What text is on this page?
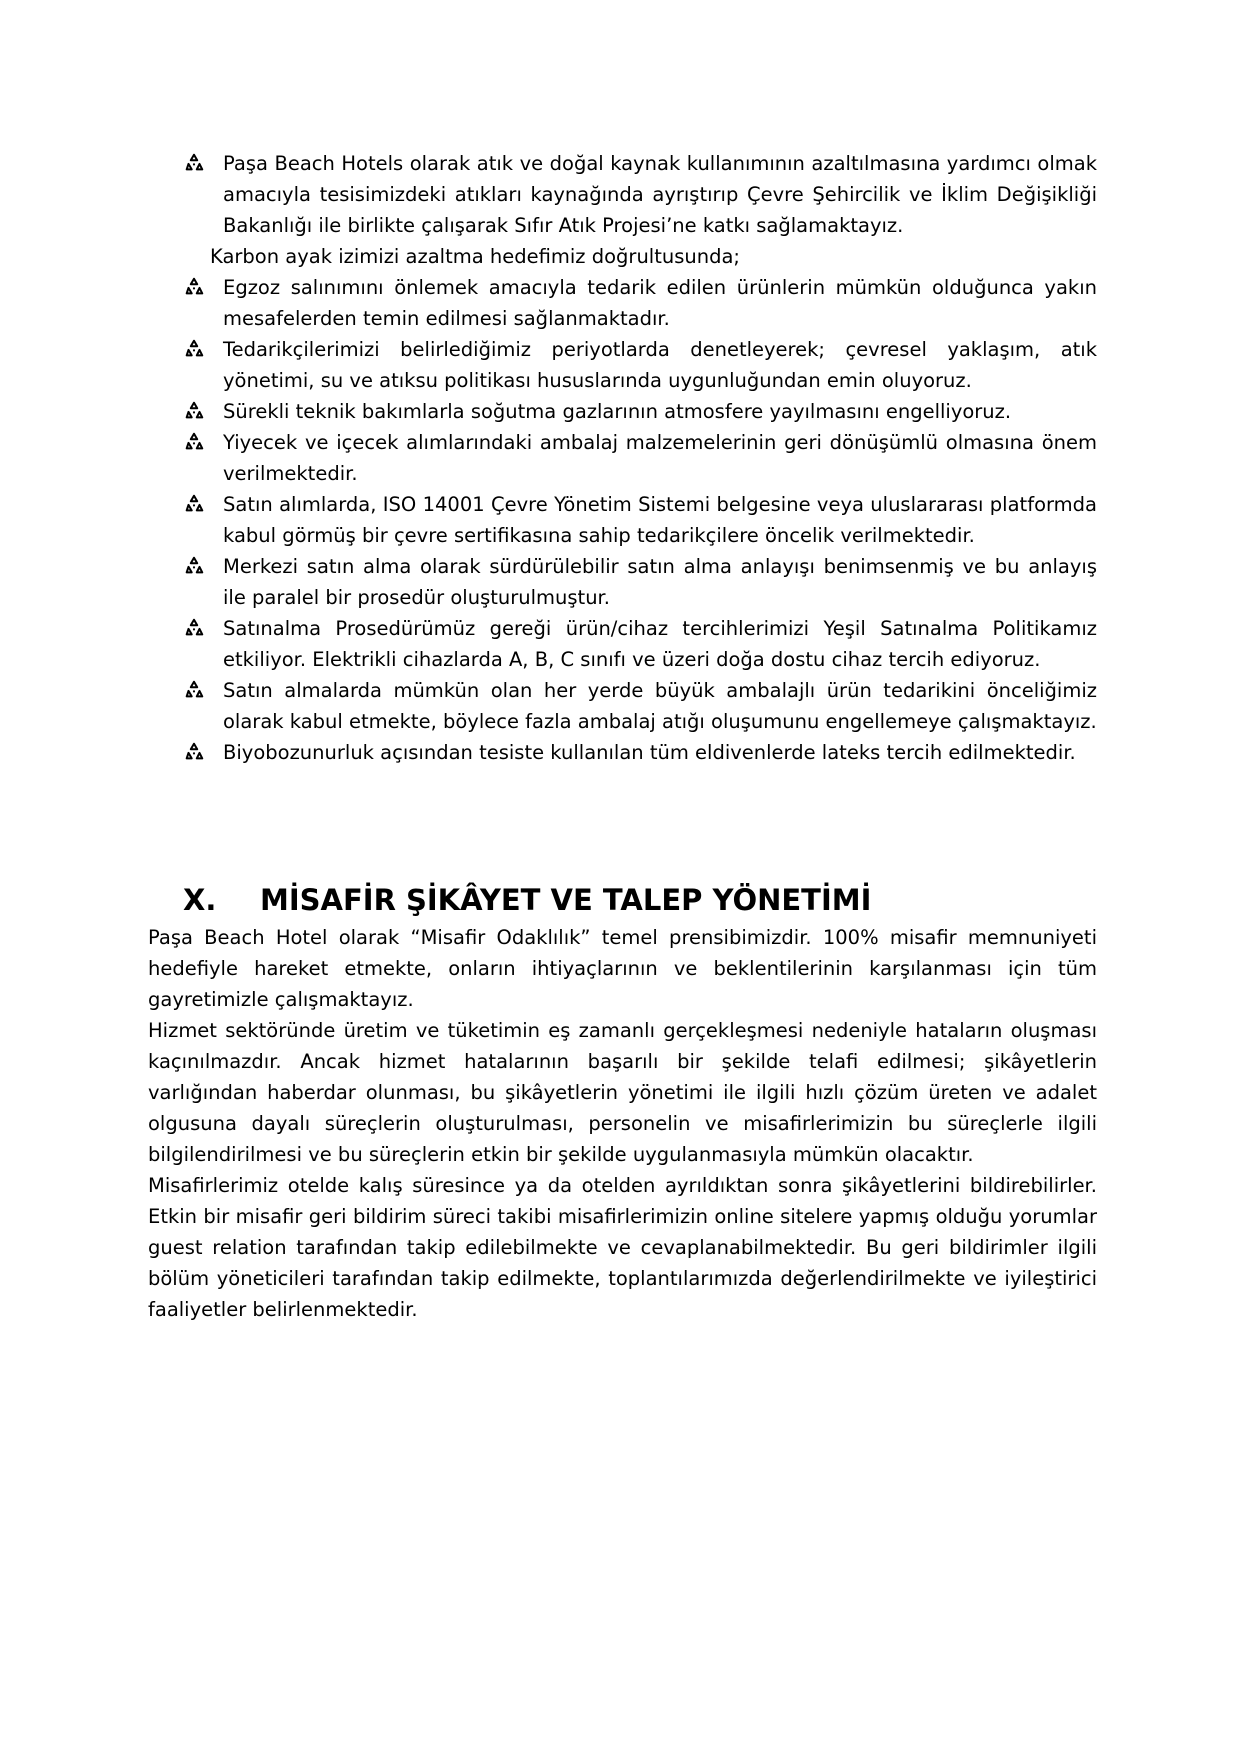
Paşa Beach Hotels olarak atık ve doğal kaynak kullanımının azaltılmasına yardımcı olmak amacıyla tesisimizdeki atıkları kaynağında ayrıştırıp Çevre Şehircilik ve İklim Değişikliği Bakanlığı ile birlikte çalışarak Sıfır Atık Projesi’ne katkı sağlamaktayız.
Karbon ayak izimizi azaltma hedefimiz doğrultusunda;
Egzoz salınımını önlemek amacıyla tedarik edilen ürünlerin mümkün olduğunca yakın mesafelerden temin edilmesi sağlanmaktadır.
Tedarikçilerimizi belirlediğimiz periyotlarda denetleyerek; çevresel yaklaşım, atık yönetimi, su ve atıksu politikası hususlarında uygunluğundan emin oluyoruz.
Sürekli teknik bakımlarla soğutma gazlarının atmosfere yayılmasını engelliyoruz.
Yiyecek ve içecek alımlarındaki ambalaj malzemelerinin geri dönüşümlü olmasına önem verilmektedir.
Satın alımlarda, ISO 14001 Çevre Yönetim Sistemi belgesine veya uluslararası platformda kabul görmüş bir çevre sertifikasına sahip tedarikçilere öncelik verilmektedir.
Merkezi satın alma olarak sürdürülebilir satın alma anlayışı benimsenmiş ve bu anlayış ile paralel bir prosedür oluşturulmuştur.
Satınalma Prosedürümüz gereği ürün/cihaz tercihlerimizi Yeşil Satınalma Politikamız etkiliyor. Elektrikli cihazlarda A, B, C sınıfı ve üzeri doğa dostu cihaz tercih ediyoruz.
Satın almalarda mümkün olan her yerde büyük ambalajlı ürün tedarikini önceliğimiz olarak kabul etmekte, böylece fazla ambalaj atığı oluşumunu engellemeye çalışmaktayız.
Biyobozunurluk açısından tesiste kullanılan tüm eldivenlerde lateks tercih edilmektedir.
X. MİSAFİR ŞİKÂYET VE TALEP YÖNETİMİ

Paşa Beach Hotel olarak “Misafir Odaklılık” temel prensibimizdir. 100% misafir memnuniyeti hedefiyle hareket etmekte, onların ihtiyaçlarının ve beklentilerinin karşılanması için tüm gayretimizle çalışmaktayız.

Hizmet sektöründe üretim ve tüketimin eş zamanlı gerçekleşmesi nedeniyle hataların oluşması kaçınılmazdır. Ancak hizmet hatalarının başarılı bir şekilde telafi edilmesi; şikâyetlerin varlığından haberdar olunması, bu şikâyetlerin yönetimi ile ilgili hızlı çözüm üreten ve adalet olgusuna dayalı süreçlerin oluşturulması, personelin ve misafirlerimizin bu süreçlerle ilgili bilgilendirilmesi ve bu süreçlerin etkin bir şekilde uygulanmasıyla mümkün olacaktır.

Misafirlerimiz otelde kalış süresince ya da otelden ayrıldıktan sonra şikâyetlerini bildirebilirler. Etkin bir misafir geri bildirim süreci takibi misafirlerimizin online sitelere yapmış olduğu yorumlar guest relation tarafından takip edilebilmekte ve cevaplanabilmektedir. Bu geri bildirimler ilgili bölüm yöneticileri tarafından takip edilmekte, toplantılarımızda değerlendirilmekte ve iyileştirici faaliyetler belirlenmektedir.
